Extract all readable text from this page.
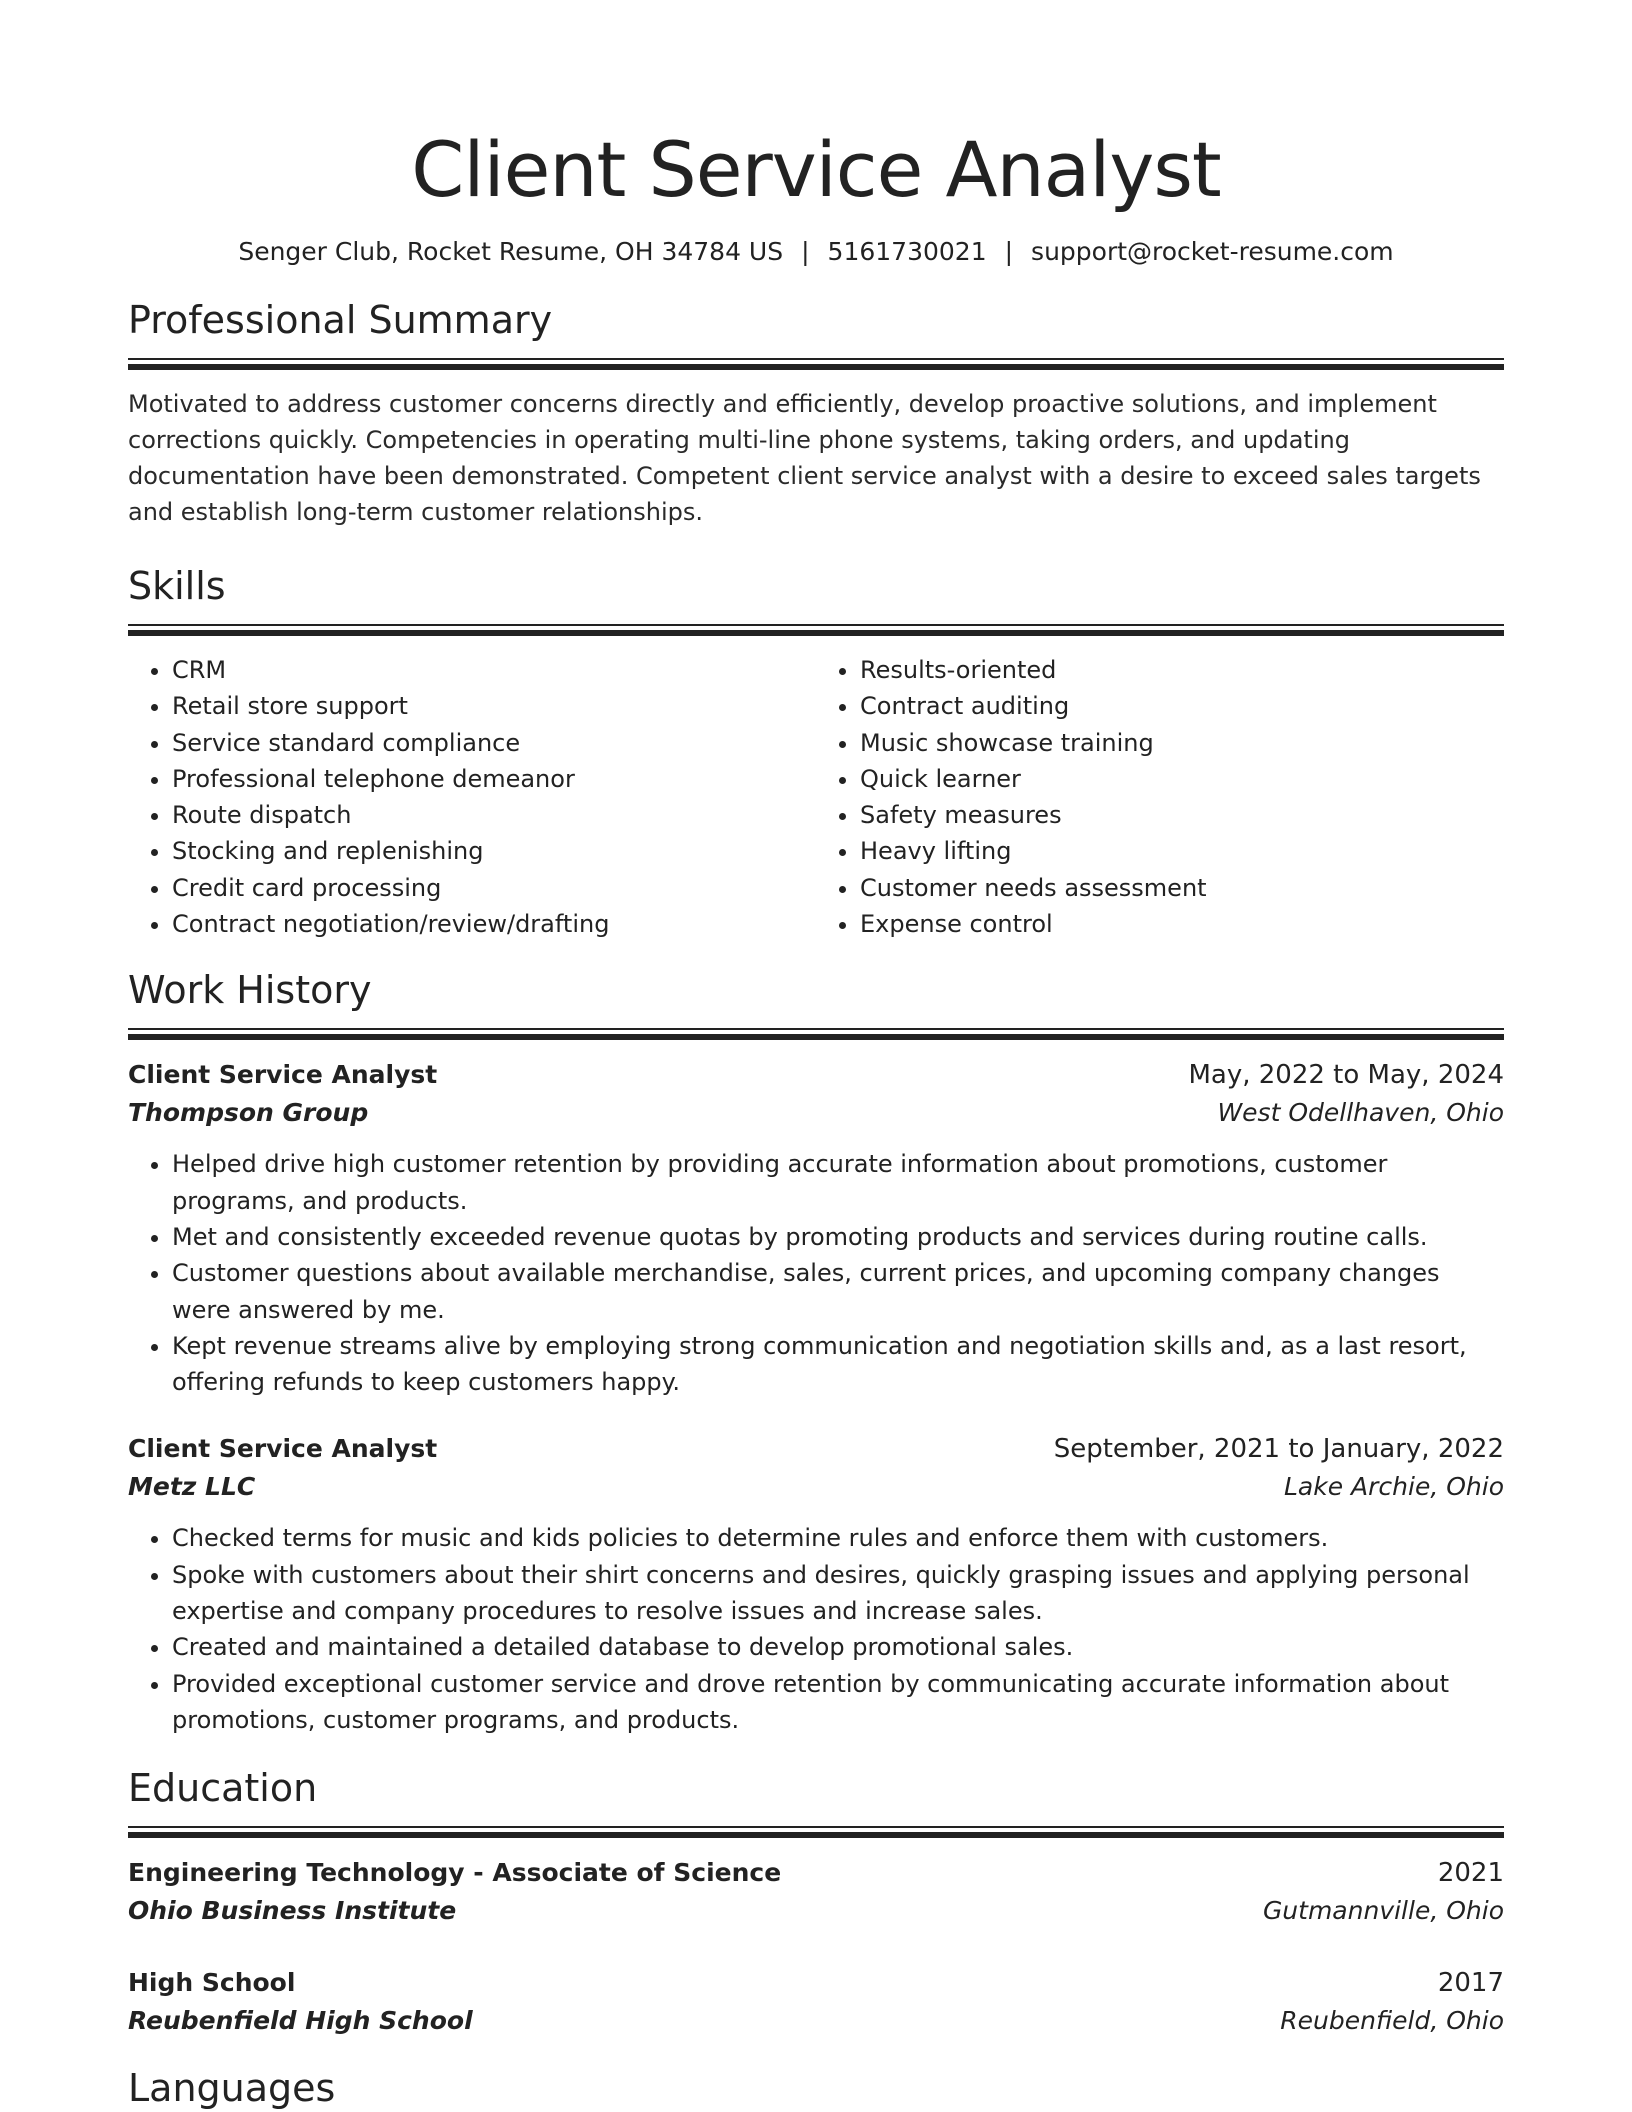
Client Service Analyst
Senger Club, Rocket Resume, OH 34784 US | 5161730021 | support@rocket-resume.com
Professional Summary
Motivated to address customer concerns directly and efficiently, develop proactive solutions, and implement corrections quickly. Competencies in operating multi-line phone systems, taking orders, and updating documentation have been demonstrated. Competent client service analyst with a desire to exceed sales targets and establish long-term customer relationships.
Skills
• CRM
• Retail store support
• Service standard compliance
• Professional telephone demeanor
• Route dispatch
• Stocking and replenishing
• Credit card processing
• Contract negotiation/review/drafting
• Results-oriented
• Contract auditing
• Music showcase training
• Quick learner
• Safety measures
• Heavy lifting
• Customer needs assessment
• Expense control
Work History
Client Service Analyst	May, 2022 to May, 2024
Thompson Group	West Odellhaven, Ohio
• Helped drive high customer retention by providing accurate information about promotions, customer programs, and products.
• Met and consistently exceeded revenue quotas by promoting products and services during routine calls.
• Customer questions about available merchandise, sales, current prices, and upcoming company changes were answered by me.
• Kept revenue streams alive by employing strong communication and negotiation skills and, as a last resort, offering refunds to keep customers happy.
Client Service Analyst	September, 2021 to January, 2022
Metz LLC	Lake Archie, Ohio
• Checked terms for music and kids policies to determine rules and enforce them with customers.
• Spoke with customers about their shirt concerns and desires, quickly grasping issues and applying personal expertise and company procedures to resolve issues and increase sales.
• Created and maintained a detailed database to develop promotional sales.
• Provided exceptional customer service and drove retention by communicating accurate information about promotions, customer programs, and products.
Education
Engineering Technology - Associate of Science	2021
Ohio Business Institute	Gutmannville, Ohio
High School	2017
Reubenfield High School	Reubenfield, Ohio
Languages
